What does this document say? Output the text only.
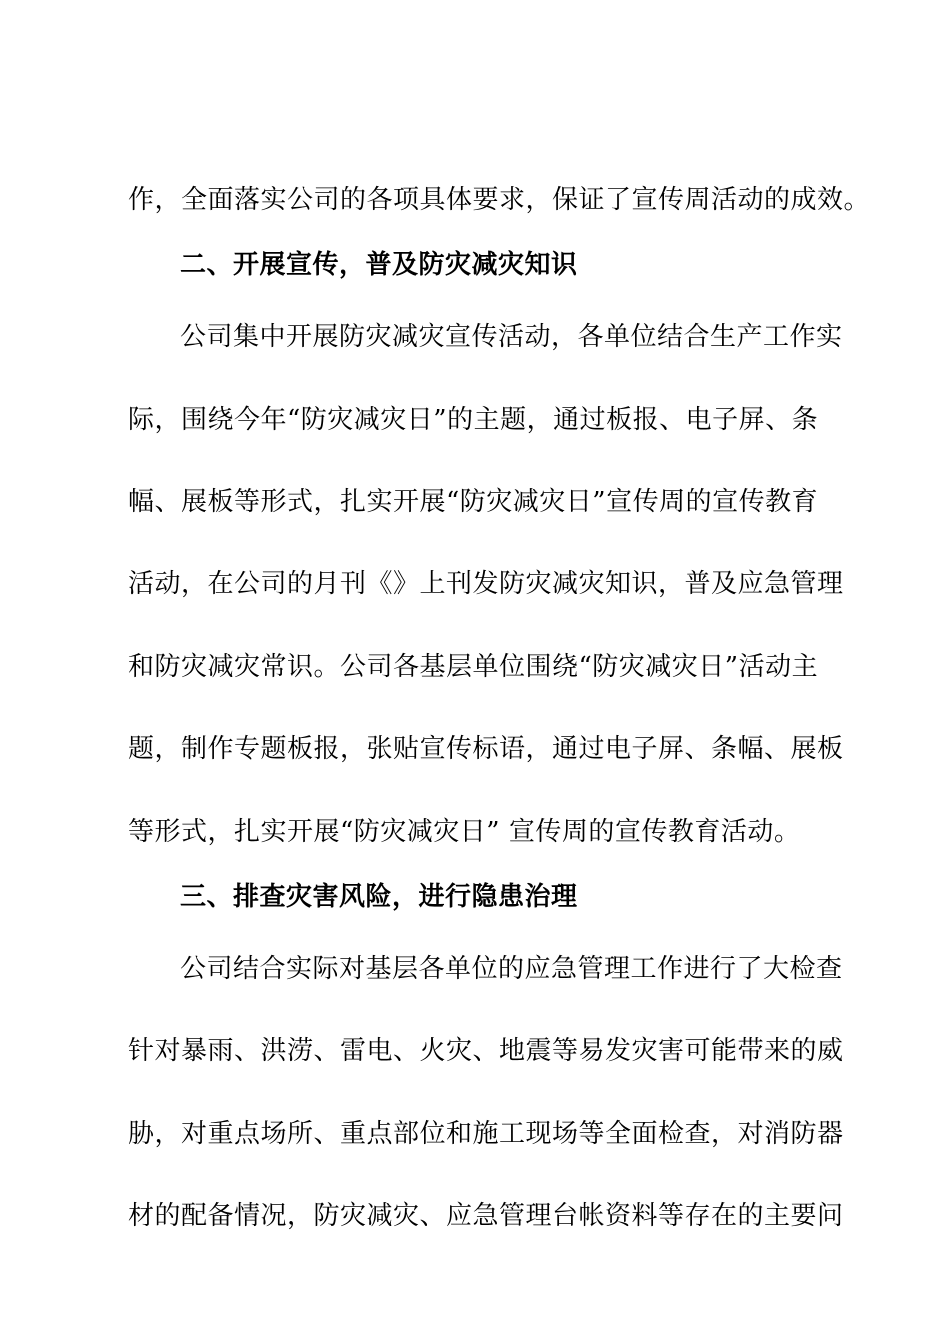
作，全面落实公司的各项具体要求，保证了宣传周活动的成效。
二、开展宣传，普及防灾减灾知识
公司集中开展防灾减灾宣传活动，各单位结合生产工作实
际，围绕今年“防灾减灾日”的主题，通过板报、电子屏、条
幅、展板等形式，扎实开展“防灾减灾日”宣传周的宣传教育
活动，在公司的月刊《》上刊发防灾减灾知识，普及应急管理
和防灾减灾常识。公司各基层单位围绕“防灾减灾日”活动主
题，制作专题板报，张贴宣传标语，通过电子屏、条幅、展板
等形式，扎实开展“防灾减灾日” 宣传周的宣传教育活动。
三、排查灾害风险，进行隐患治理
公司结合实际对基层各单位的应急管理工作进行了大检查
针对暴雨、洪涝、雷电、火灾、地震等易发灾害可能带来的威
胁，对重点场所、重点部位和施工现场等全面检查，对消防器
材的配备情况，防灾减灾、应急管理台帐资料等存在的主要问
